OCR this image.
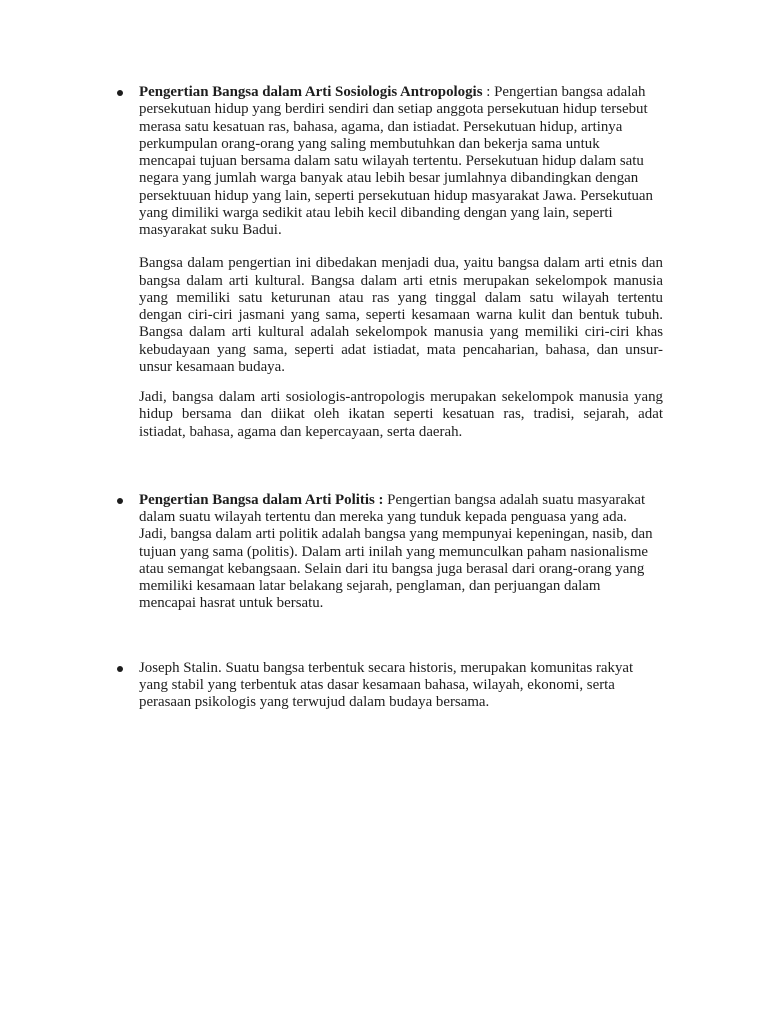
Pengertian Bangsa dalam Arti Sosiologis Antropologis : Pengertian bangsa adalah
persekutuan hidup yang berdiri sendiri dan setiap anggota persekutuan hidup tersebut
merasa satu kesatuan ras, bahasa, agama, dan istiadat. Persekutuan hidup, artinya
perkumpulan orang-orang yang saling membutuhkan dan bekerja sama untuk
mencapai tujuan bersama dalam satu wilayah tertentu. Persekutuan hidup dalam satu
negara yang jumlah warga banyak atau lebih besar jumlahnya dibandingkan dengan
persektuuan hidup yang lain, seperti persekutuan hidup masyarakat Jawa. Persekutuan
yang dimiliki warga sedikit atau lebih kecil dibanding dengan yang lain, seperti
masyarakat suku Badui.
Bangsa dalam pengertian ini dibedakan menjadi dua, yaitu bangsa dalam arti etnis dan
bangsa dalam arti kultural. Bangsa dalam arti etnis merupakan sekelompok manusia
yang memiliki satu keturunan atau ras yang tinggal dalam satu wilayah tertentu
dengan ciri-ciri jasmani yang sama, seperti kesamaan warna kulit dan bentuk tubuh.
Bangsa dalam arti kultural adalah sekelompok manusia yang memiliki ciri-ciri khas
kebudayaan yang sama, seperti adat istiadat, mata pencaharian, bahasa, dan unsur-
unsur kesamaan budaya.
Jadi, bangsa dalam arti sosiologis-antropologis merupakan sekelompok manusia yang
hidup bersama dan diikat oleh ikatan seperti kesatuan ras, tradisi, sejarah, adat
istiadat, bahasa, agama dan kepercayaan, serta daerah.
Pengertian Bangsa dalam Arti Politis : Pengertian bangsa adalah suatu masyarakat
dalam suatu wilayah tertentu dan mereka yang tunduk kepada penguasa yang ada.
Jadi, bangsa dalam arti politik adalah bangsa yang mempunyai kepeningan, nasib, dan
tujuan yang sama (politis). Dalam arti inilah yang memunculkan paham nasionalisme
atau semangat kebangsaan. Selain dari itu bangsa juga berasal dari orang-orang yang
memiliki kesamaan latar belakang sejarah, penglaman, dan perjuangan dalam
mencapai hasrat untuk bersatu.
Joseph Stalin. Suatu bangsa terbentuk secara historis, merupakan komunitas rakyat
yang stabil yang terbentuk atas dasar kesamaan bahasa, wilayah, ekonomi, serta
perasaan psikologis yang terwujud dalam budaya bersama.
